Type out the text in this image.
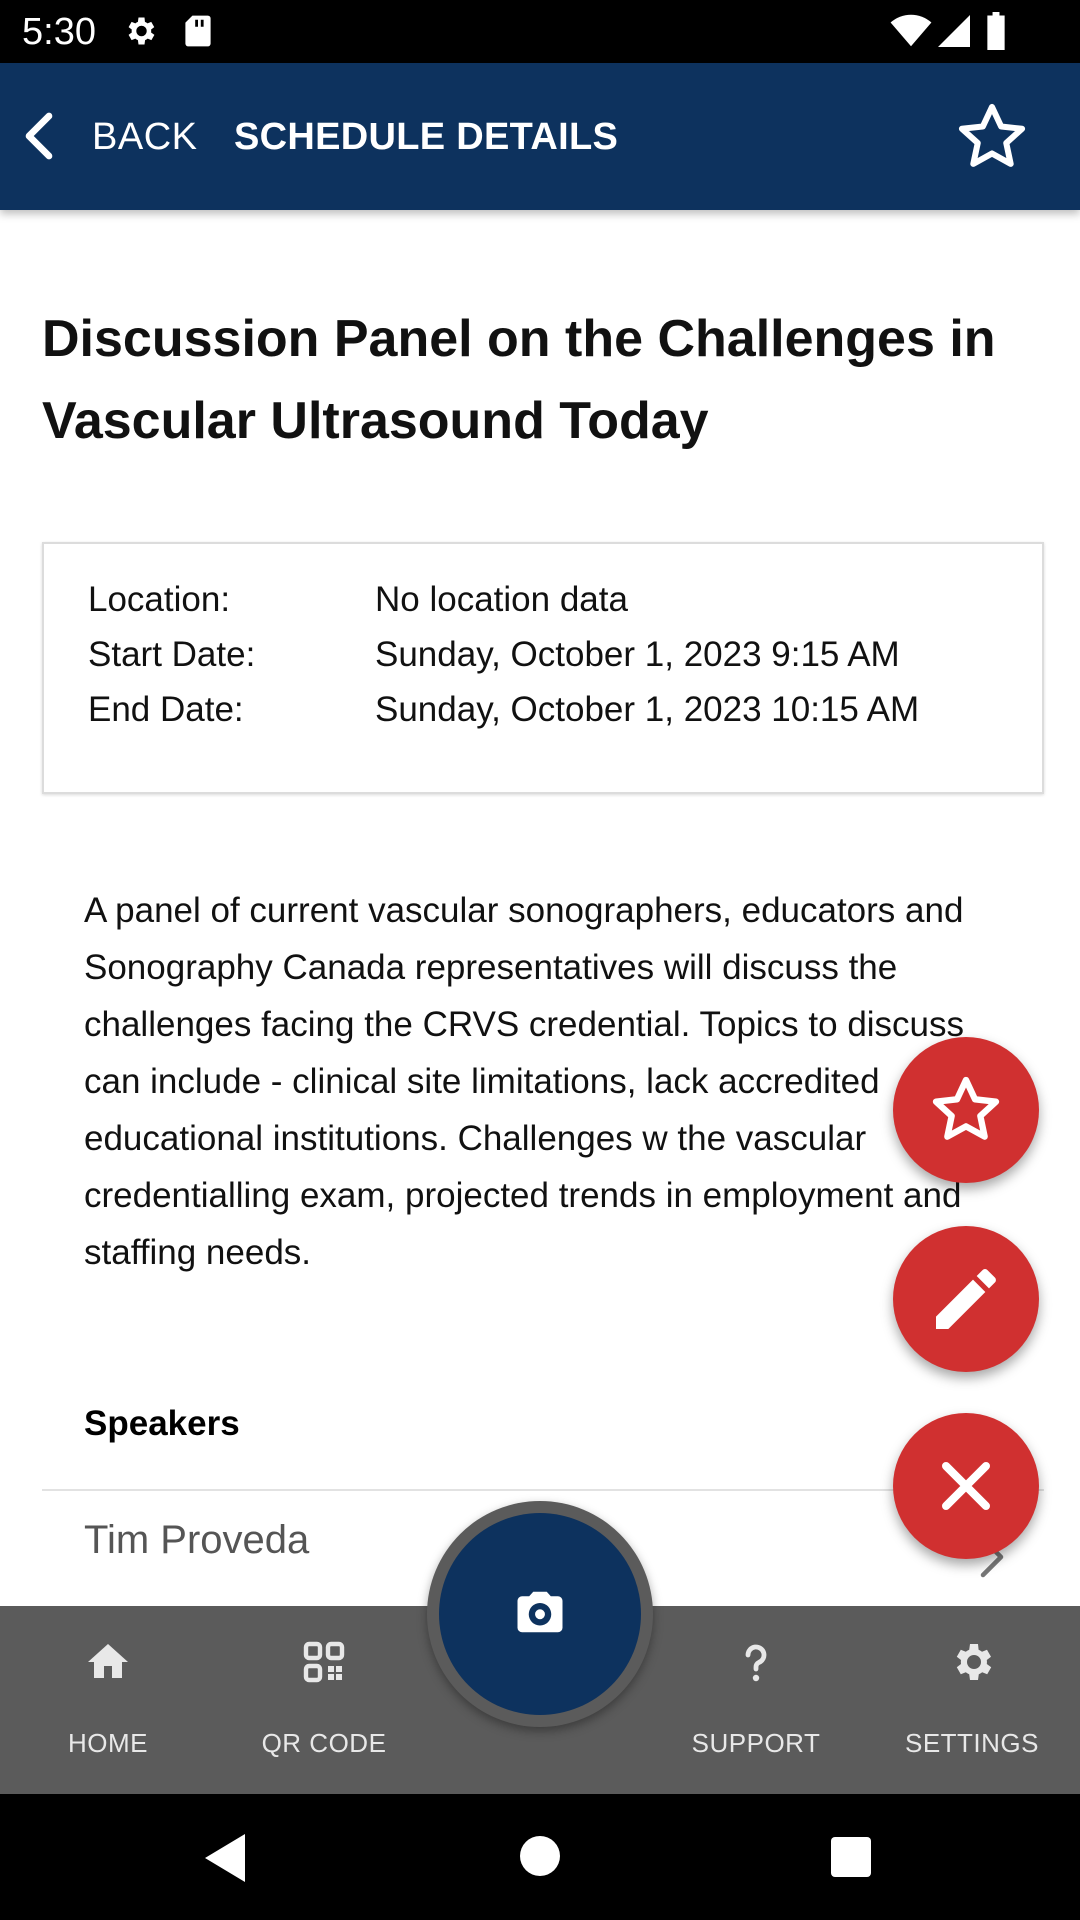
5:30
BACK SCHEDULE DETAILS
Discussion Panel on the Challenges in Vascular Ultrasound Today
Location:	No location data
Start Date:	Sunday, October 1, 2023 9:15 AM
End Date:	Sunday, October 1, 2023 10:15 AM
A panel of current vascular sonographers, educators and Sonography Canada representatives will discuss the challenges facing the CRVS credential. Topics to discuss can include - clinical site limitations, lack accredited educational institutions. Challenges w the vascular credentialling exam, projected trends in employment and staffing needs.
Speakers
Tim Proveda
HOME	QR CODE	SUPPORT	SETTINGS
